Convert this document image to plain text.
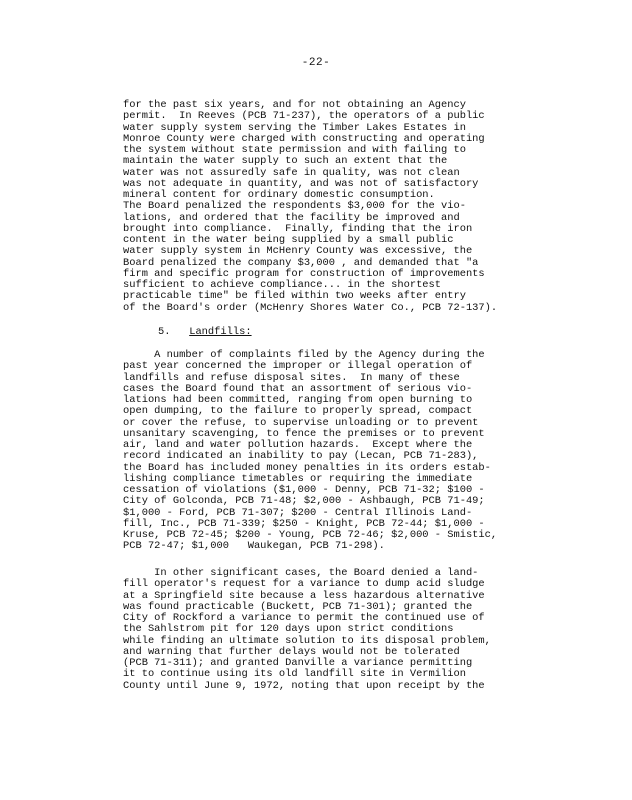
-22-
for the past six years, and for not obtaining an Agency
permit.  In Reeves (PCB 71-237), the operators of a public
water supply system serving the Timber Lakes Estates in
Monroe County were charged with constructing and operating
the system without state permission and with failing to
maintain the water supply to such an extent that the
water was not assuredly safe in quality, was not clean
was not adequate in quantity, and was not of satisfactory
mineral content for ordinary domestic consumption.
The Board penalized the respondents $3,000 for the vio-
lations, and ordered that the facility be improved and
brought into compliance.  Finally, finding that the iron
content in the water being supplied by a small public
water supply system in McHenry County was excessive, the
Board penalized the company $3,000 , and demanded that "a
firm and specific program for construction of improvements
sufficient to achieve compliance... in the shortest
practicable time" be filed within two weeks after entry
of the Board's order (McHenry Shores Water Co., PCB 72-137).
5. Landfills:
A number of complaints filed by the Agency during the
past year concerned the improper or illegal operation of
landfills and refuse disposal sites.  In many of these
cases the Board found that an assortment of serious vio-
lations had been committed, ranging from open burning to
open dumping, to the failure to properly spread, compact
or cover the refuse, to supervise unloading or to prevent
unsanitary scavenging, to fence the premises or to prevent
air, land and water pollution hazards.  Except where the
record indicated an inability to pay (Lecan, PCB 71-283),
the Board has included money penalties in its orders estab-
lishing compliance timetables or requiring the immediate
cessation of violations ($1,000 - Denny, PCB 71-32; $100 -
City of Golconda, PCB 71-48; $2,000 - Ashbaugh, PCB 71-49;
$1,000 - Ford, PCB 71-307; $200 - Central Illinois Land-
fill, Inc., PCB 71-339; $250 - Knight, PCB 72-44; $1,000 -
Kruse, PCB 72-45; $200 - Young, PCB 72-46; $2,000 - Smistic,
PCB 72-47; $1,000   Waukegan, PCB 71-298).
In other significant cases, the Board denied a land-
fill operator's request for a variance to dump acid sludge
at a Springfield site because a less hazardous alternative
was found practicable (Buckett, PCB 71-301); granted the
City of Rockford a variance to permit the continued use of
the Sahlstrom pit for 120 days upon strict conditions
while finding an ultimate solution to its disposal problem,
and warning that further delays would not be tolerated
(PCB 71-311); and granted Danville a variance permitting
it to continue using its old landfill site in Vermilion
County until June 9, 1972, noting that upon receipt by the
